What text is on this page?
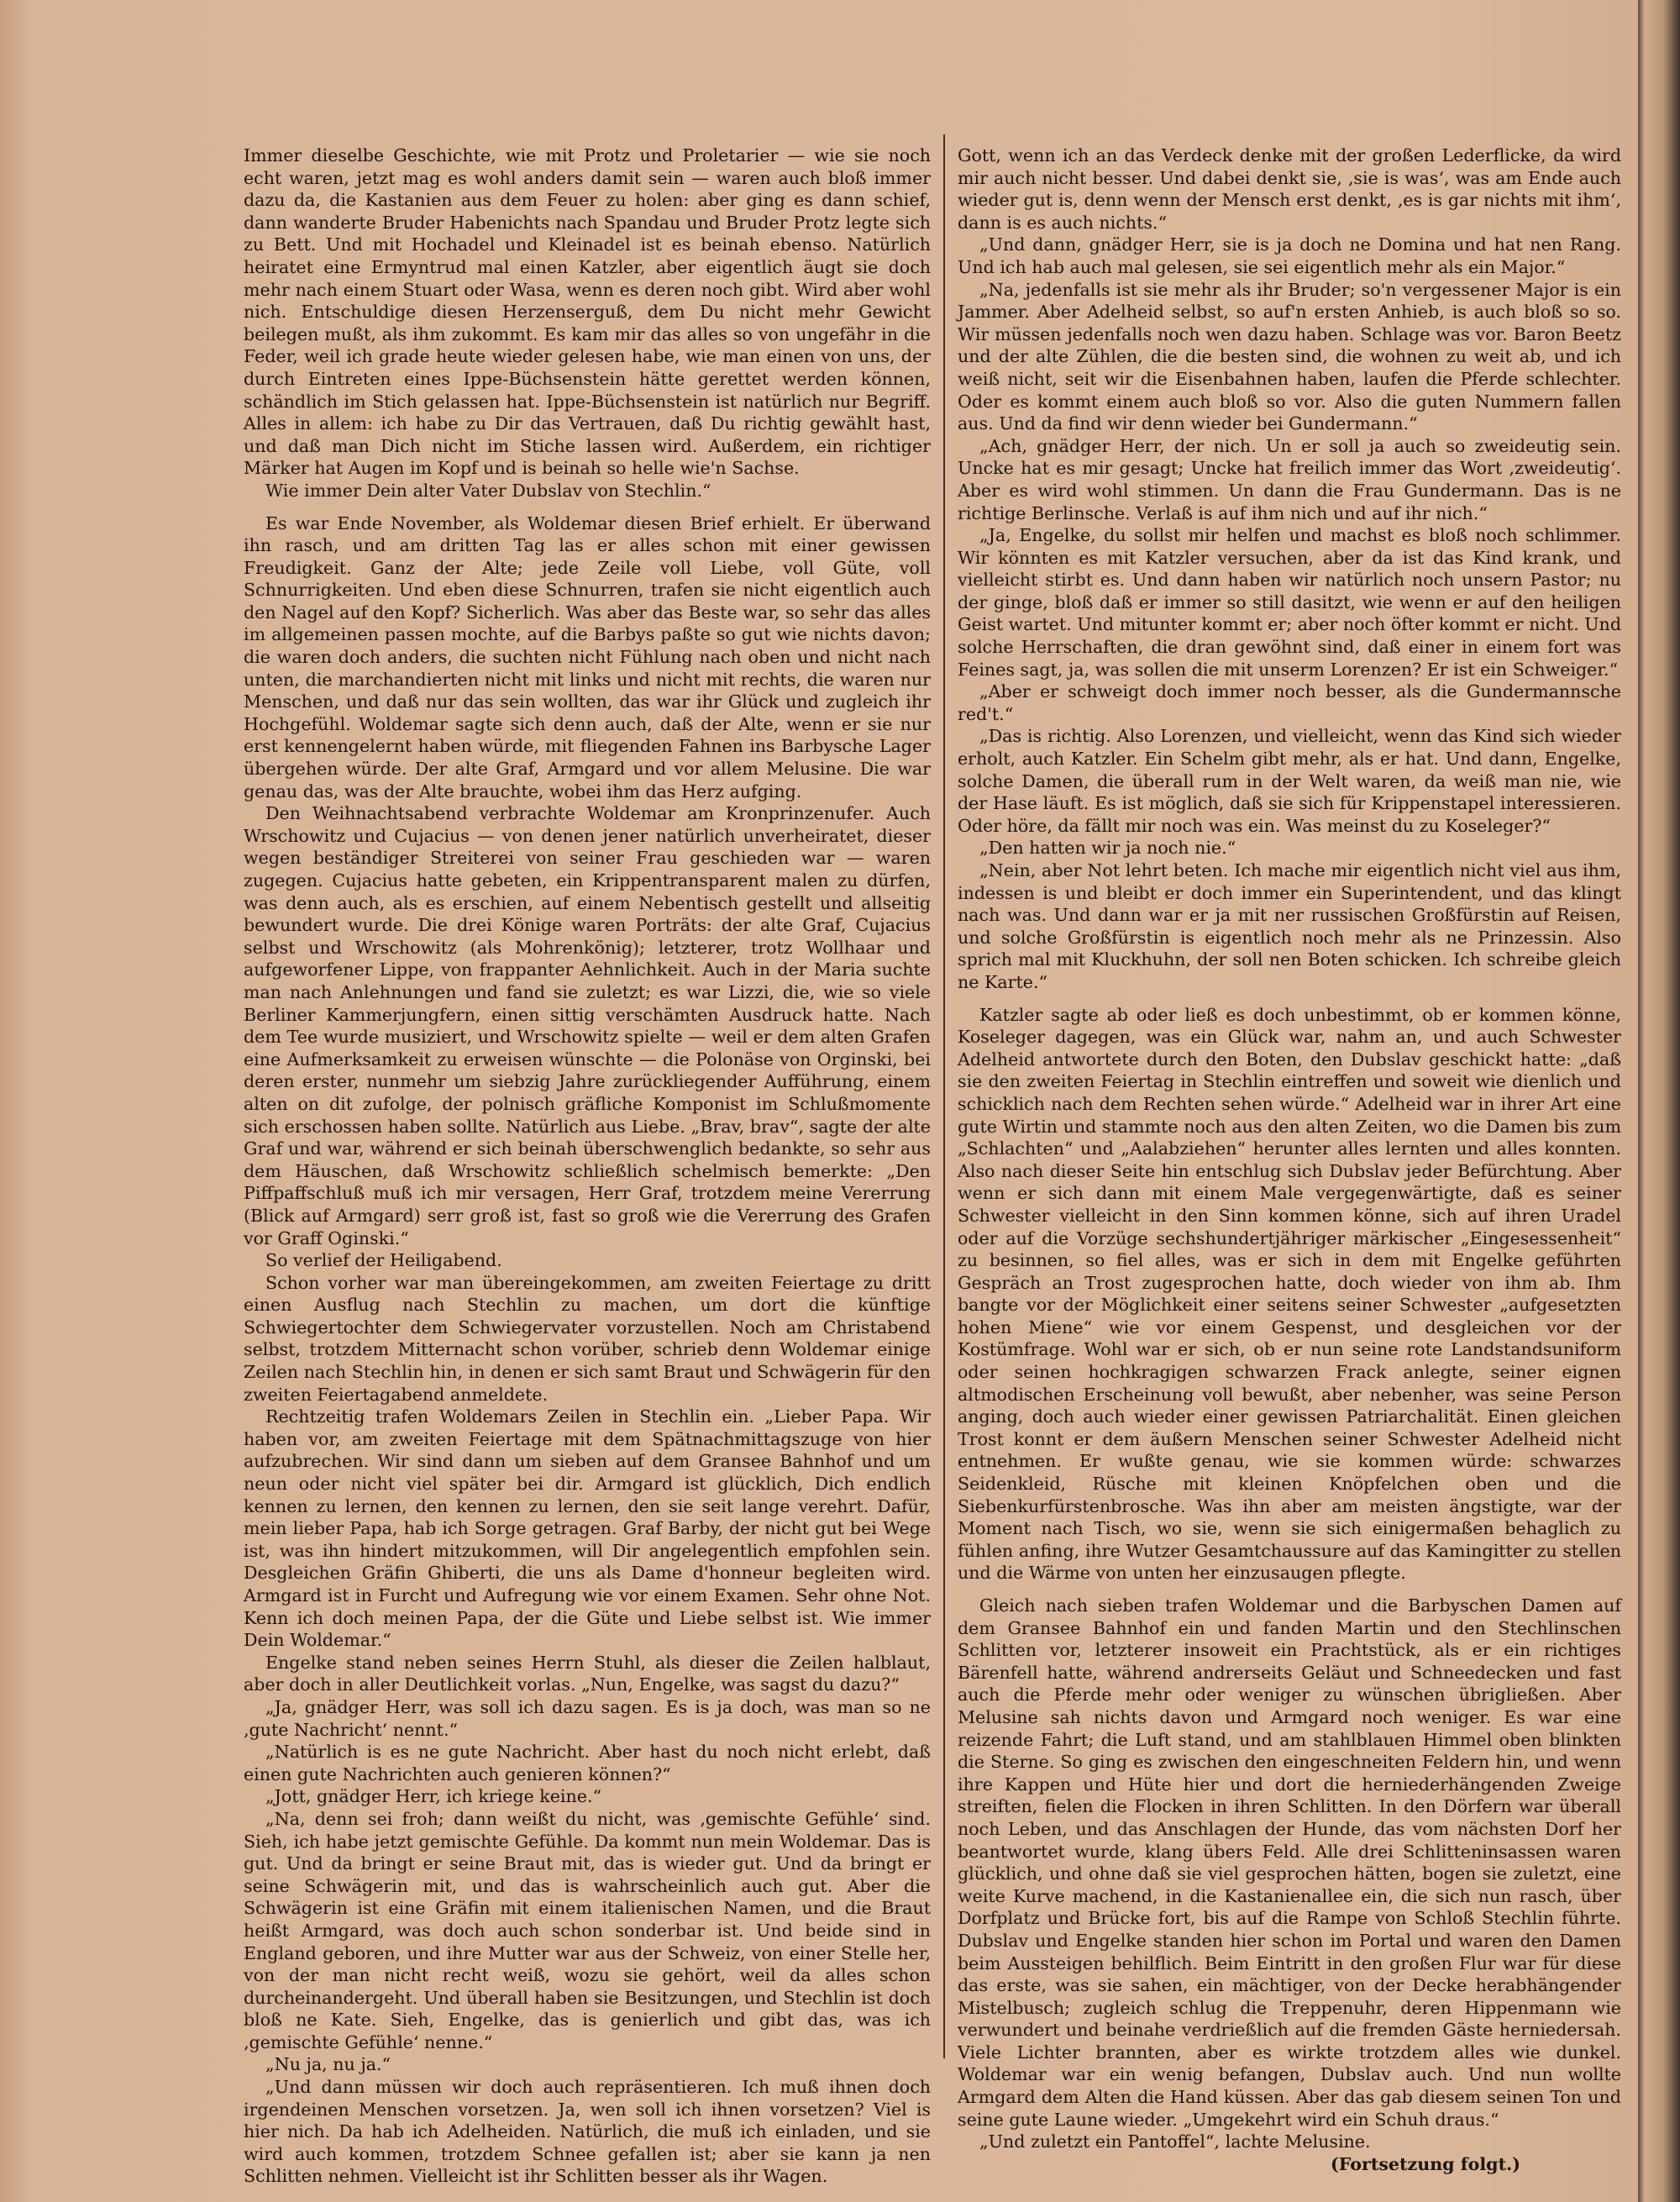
Immer dieselbe Geschichte, wie mit Protz und Proletarier — wie sie noch echt waren, jetzt mag es wohl anders damit sein — waren auch bloß immer dazu da, die Kastanien aus dem Feuer zu holen: aber ging es dann schief, dann wanderte Bruder Habenichts nach Spandau und Bruder Protz legte sich zu Bett. Und mit Hochadel und Kleinadel ist es beinah ebenso. Natürlich heiratet eine Ermyntrud mal einen Katzler, aber eigentlich äugt sie doch mehr nach einem Stuart oder Wasa, wenn es deren noch gibt. Wird aber wohl nich. Entschuldige diesen Herzenserguß, dem Du nicht mehr Gewicht beilegen mußt, als ihm zukommt. Es kam mir das alles so von ungefähr in die Feder, weil ich grade heute wieder gelesen habe, wie man einen von uns, der durch Eintreten eines Ippe-Büchsenstein hätte gerettet werden können, schändlich im Stich gelassen hat. Ippe-Büchsenstein ist natürlich nur Begriff. Alles in allem: ich habe zu Dir das Vertrauen, daß Du richtig gewählt hast, und daß man Dich nicht im Stiche lassen wird. Außerdem, ein richtiger Märker hat Augen im Kopf und is beinah so helle wie'n Sachse.

Wie immer Dein alter Vater Dubslav von Stechlin.“

Es war Ende November, als Woldemar diesen Brief erhielt. Er überwand ihn rasch, und am dritten Tag las er alles schon mit einer gewissen Freudigkeit. Ganz der Alte; jede Zeile voll Liebe, voll Güte, voll Schnurrigkeiten. Und eben diese Schnurren, trafen sie nicht eigentlich auch den Nagel auf den Kopf? Sicherlich. Was aber das Beste war, so sehr das alles im allgemeinen passen mochte, auf die Barbys paßte so gut wie nichts davon; die waren doch anders, die suchten nicht Fühlung nach oben und nicht nach unten, die marchandierten nicht mit links und nicht mit rechts, die waren nur Menschen, und daß nur das sein wollten, das war ihr Glück und zugleich ihr Hochgefühl. Woldemar sagte sich denn auch, daß der Alte, wenn er sie nur erst kennengelernt haben würde, mit fliegenden Fahnen ins Barbysche Lager übergehen würde. Der alte Graf, Armgard und vor allem Melusine. Die war genau das, was der Alte brauchte, wobei ihm das Herz aufging.

Den Weihnachtsabend verbrachte Woldemar am Kronprinzenufer. Auch Wrschowitz und Cujacius — von denen jener natürlich unverheiratet, dieser wegen beständiger Streiterei von seiner Frau geschieden war — waren zugegen. Cujacius hatte gebeten, ein Krippentransparent malen zu dürfen, was denn auch, als es erschien, auf einem Nebentisch gestellt und allseitig bewundert wurde. Die drei Könige waren Porträts: der alte Graf, Cujacius selbst und Wrschowitz (als Mohrenkönig); letzterer, trotz Wollhaar und aufgeworfener Lippe, von frappanter Aehnlichkeit. Auch in der Maria suchte man nach Anlehnungen und fand sie zuletzt; es war Lizzi, die, wie so viele Berliner Kammerjungfern, einen sittig verschämten Ausdruck hatte. Nach dem Tee wurde musiziert, und Wrschowitz spielte — weil er dem alten Grafen eine Aufmerksamkeit zu erweisen wünschte — die Polonäse von Orginski, bei deren erster, nunmehr um siebzig Jahre zurückliegender Aufführung, einem alten on dit zufolge, der polnisch gräfliche Komponist im Schlußmomente sich erschossen haben sollte. Natürlich aus Liebe. „Brav, brav“, sagte der alte Graf und war, während er sich beinah überschwenglich bedankte, so sehr aus dem Häuschen, daß Wrschowitz schließlich schelmisch bemerkte: „Den Piffpaffschluß muß ich mir versagen, Herr Graf, trotzdem meine Vererrung (Blick auf Armgard) serr groß ist, fast so groß wie die Vererrung des Grafen vor Graff Oginski.“

So verlief der Heiligabend.

Schon vorher war man übereingekommen, am zweiten Feiertage zu dritt einen Ausflug nach Stechlin zu machen, um dort die künftige Schwiegertochter dem Schwiegervater vorzustellen. Noch am Christabend selbst, trotzdem Mitternacht schon vorüber, schrieb denn Woldemar einige Zeilen nach Stechlin hin, in denen er sich samt Braut und Schwägerin für den zweiten Feiertagabend anmeldete.

Rechtzeitig trafen Woldemars Zeilen in Stechlin ein. „Lieber Papa. Wir haben vor, am zweiten Feiertage mit dem Spätnachmittagszuge von hier aufzubrechen. Wir sind dann um sieben auf dem Gransee Bahnhof und um neun oder nicht viel später bei dir. Armgard ist glücklich, Dich endlich kennen zu lernen, den kennen zu lernen, den sie seit lange verehrt. Dafür, mein lieber Papa, hab ich Sorge getragen. Graf Barby, der nicht gut bei Wege ist, was ihn hindert mitzukommen, will Dir angelegentlich empfohlen sein. Desgleichen Gräfin Ghiberti, die uns als Dame d'honneur begleiten wird. Armgard ist in Furcht und Aufregung wie vor einem Examen. Sehr ohne Not. Kenn ich doch meinen Papa, der die Güte und Liebe selbst ist. Wie immer Dein Woldemar.“

Engelke stand neben seines Herrn Stuhl, als dieser die Zeilen halblaut, aber doch in aller Deutlichkeit vorlas. „Nun, Engelke, was sagst du dazu?“

„Ja, gnädger Herr, was soll ich dazu sagen. Es is ja doch, was man so ne ‚gute Nachricht‘ nennt.“

„Natürlich is es ne gute Nachricht. Aber hast du noch nicht erlebt, daß einen gute Nachrichten auch genieren können?“

„Jott, gnädger Herr, ich kriege keine.“

„Na, denn sei froh; dann weißt du nicht, was ‚gemischte Gefühle‘ sind. Sieh, ich habe jetzt gemischte Gefühle. Da kommt nun mein Woldemar. Das is gut. Und da bringt er seine Braut mit, das is wieder gut. Und da bringt er seine Schwägerin mit, und das is wahrscheinlich auch gut. Aber die Schwägerin ist eine Gräfin mit einem italienischen Namen, und die Braut heißt Armgard, was doch auch schon sonderbar ist. Und beide sind in England geboren, und ihre Mutter war aus der Schweiz, von einer Stelle her, von der man nicht recht weiß, wozu sie gehört, weil da alles schon durcheinandergeht. Und überall haben sie Besitzungen, und Stechlin ist doch bloß ne Kate. Sieh, Engelke, das is genierlich und gibt das, was ich ‚gemischte Gefühle‘ nenne.“

„Nu ja, nu ja.“

„Und dann müssen wir doch auch repräsentieren. Ich muß ihnen doch irgendeinen Menschen vorsetzen. Ja, wen soll ich ihnen vorsetzen? Viel is hier nich. Da hab ich Adelheiden. Natürlich, die muß ich einladen, und sie wird auch kommen, trotzdem Schnee gefallen ist; aber sie kann ja nen Schlitten nehmen. Vielleicht ist ihr Schlitten besser als ihr Wagen.

Gott, wenn ich an das Verdeck denke mit der großen Lederflicke, da wird mir auch nicht besser. Und dabei denkt sie, ‚sie is was‘, was am Ende auch wieder gut is, denn wenn der Mensch erst denkt, ‚es is gar nichts mit ihm‘, dann is es auch nichts.“

„Und dann, gnädger Herr, sie is ja doch ne Domina und hat nen Rang. Und ich hab auch mal gelesen, sie sei eigentlich mehr als ein Major.“

„Na, jedenfalls ist sie mehr als ihr Bruder; so'n vergessener Major is ein Jammer. Aber Adelheid selbst, so auf'n ersten Anhieb, is auch bloß so so. Wir müssen jedenfalls noch wen dazu haben. Schlage was vor. Baron Beetz und der alte Zühlen, die die besten sind, die wohnen zu weit ab, und ich weiß nicht, seit wir die Eisenbahnen haben, laufen die Pferde schlechter. Oder es kommt einem auch bloß so vor. Also die guten Nummern fallen aus. Und da find wir denn wieder bei Gundermann.“

„Ach, gnädger Herr, der nich. Un er soll ja auch so zweideutig sein. Uncke hat es mir gesagt; Uncke hat freilich immer das Wort ‚zweideutig‘. Aber es wird wohl stimmen. Un dann die Frau Gundermann. Das is ne richtige Berlinsche. Verlaß is auf ihm nich und auf ihr nich.“

„Ja, Engelke, du sollst mir helfen und machst es bloß noch schlimmer. Wir könnten es mit Katzler versuchen, aber da ist das Kind krank, und vielleicht stirbt es. Und dann haben wir natürlich noch unsern Pastor; nu der ginge, bloß daß er immer so still dasitzt, wie wenn er auf den heiligen Geist wartet. Und mitunter kommt er; aber noch öfter kommt er nicht. Und solche Herrschaften, die dran gewöhnt sind, daß einer in einem fort was Feines sagt, ja, was sollen die mit unserm Lorenzen? Er ist ein Schweiger.“

„Aber er schweigt doch immer noch besser, als die Gundermannsche red't.“

„Das is richtig. Also Lorenzen, und vielleicht, wenn das Kind sich wieder erholt, auch Katzler. Ein Schelm gibt mehr, als er hat. Und dann, Engelke, solche Damen, die überall rum in der Welt waren, da weiß man nie, wie der Hase läuft. Es ist möglich, daß sie sich für Krippenstapel interessieren. Oder höre, da fällt mir noch was ein. Was meinst du zu Koseleger?“

„Den hatten wir ja noch nie.“

„Nein, aber Not lehrt beten. Ich mache mir eigentlich nicht viel aus ihm, indessen is und bleibt er doch immer ein Superintendent, und das klingt nach was. Und dann war er ja mit ner russischen Großfürstin auf Reisen, und solche Großfürstin is eigentlich noch mehr als ne Prinzessin. Also sprich mal mit Kluckhuhn, der soll nen Boten schicken. Ich schreibe gleich ne Karte.“

Katzler sagte ab oder ließ es doch unbestimmt, ob er kommen könne, Koseleger dagegen, was ein Glück war, nahm an, und auch Schwester Adelheid antwortete durch den Boten, den Dubslav geschickt hatte: „daß sie den zweiten Feiertag in Stechlin eintreffen und soweit wie dienlich und schicklich nach dem Rechten sehen würde.“ Adelheid war in ihrer Art eine gute Wirtin und stammte noch aus den alten Zeiten, wo die Damen bis zum „Schlachten“ und „Aalabziehen“ herunter alles lernten und alles konnten. Also nach dieser Seite hin entschlug sich Dubslav jeder Befürchtung. Aber wenn er sich dann mit einem Male vergegenwärtigte, daß es seiner Schwester vielleicht in den Sinn kommen könne, sich auf ihren Uradel oder auf die Vorzüge sechshundertjähriger märkischer „Eingesessenheit“ zu besinnen, so fiel alles, was er sich in dem mit Engelke geführten Gespräch an Trost zugesprochen hatte, doch wieder von ihm ab. Ihm bangte vor der Möglichkeit einer seitens seiner Schwester „aufgesetzten hohen Miene“ wie vor einem Gespenst, und desgleichen vor der Kostümfrage. Wohl war er sich, ob er nun seine rote Landstandsuniform oder seinen hochkragigen schwarzen Frack anlegte, seiner eignen altmodischen Erscheinung voll bewußt, aber nebenher, was seine Person anging, doch auch wieder einer gewissen Patriarchalität. Einen gleichen Trost konnt er dem äußern Menschen seiner Schwester Adelheid nicht entnehmen. Er wußte genau, wie sie kommen würde: schwarzes Seidenkleid, Rüsche mit kleinen Knöpfelchen oben und die Siebenkurfürstenbrosche. Was ihn aber am meisten ängstigte, war der Moment nach Tisch, wo sie, wenn sie sich einigermaßen behaglich zu fühlen anfing, ihre Wutzer Gesamtchaussure auf das Kamingitter zu stellen und die Wärme von unten her einzusaugen pflegte.

Gleich nach sieben trafen Woldemar und die Barbyschen Damen auf dem Gransee Bahnhof ein und fanden Martin und den Stechlinschen Schlitten vor, letzterer insoweit ein Prachtstück, als er ein richtiges Bärenfell hatte, während andrerseits Geläut und Schneedecken und fast auch die Pferde mehr oder weniger zu wünschen übrigließen. Aber Melusine sah nichts davon und Armgard noch weniger. Es war eine reizende Fahrt; die Luft stand, und am stahlblauen Himmel oben blinkten die Sterne. So ging es zwischen den eingeschneiten Feldern hin, und wenn ihre Kappen und Hüte hier und dort die herniederhängenden Zweige streiften, fielen die Flocken in ihren Schlitten. In den Dörfern war überall noch Leben, und das Anschlagen der Hunde, das vom nächsten Dorf her beantwortet wurde, klang übers Feld. Alle drei Schlitteninsassen waren glücklich, und ohne daß sie viel gesprochen hätten, bogen sie zuletzt, eine weite Kurve machend, in die Kastanienallee ein, die sich nun rasch, über Dorfplatz und Brücke fort, bis auf die Rampe von Schloß Stechlin führte. Dubslav und Engelke standen hier schon im Portal und waren den Damen beim Aussteigen behilflich. Beim Eintritt in den großen Flur war für diese das erste, was sie sahen, ein mächtiger, von der Decke herabhängender Mistelbusch; zugleich schlug die Treppenuhr, deren Hippenmann wie verwundert und beinahe verdrießlich auf die fremden Gäste herniedersah. Viele Lichter brannten, aber es wirkte trotzdem alles wie dunkel. Woldemar war ein wenig befangen, Dubslav auch. Und nun wollte Armgard dem Alten die Hand küssen. Aber das gab diesem seinen Ton und seine gute Laune wieder. „Umgekehrt wird ein Schuh draus.“

„Und zuletzt ein Pantoffel“, lachte Melusine.

(Fortsetzung folgt.)
